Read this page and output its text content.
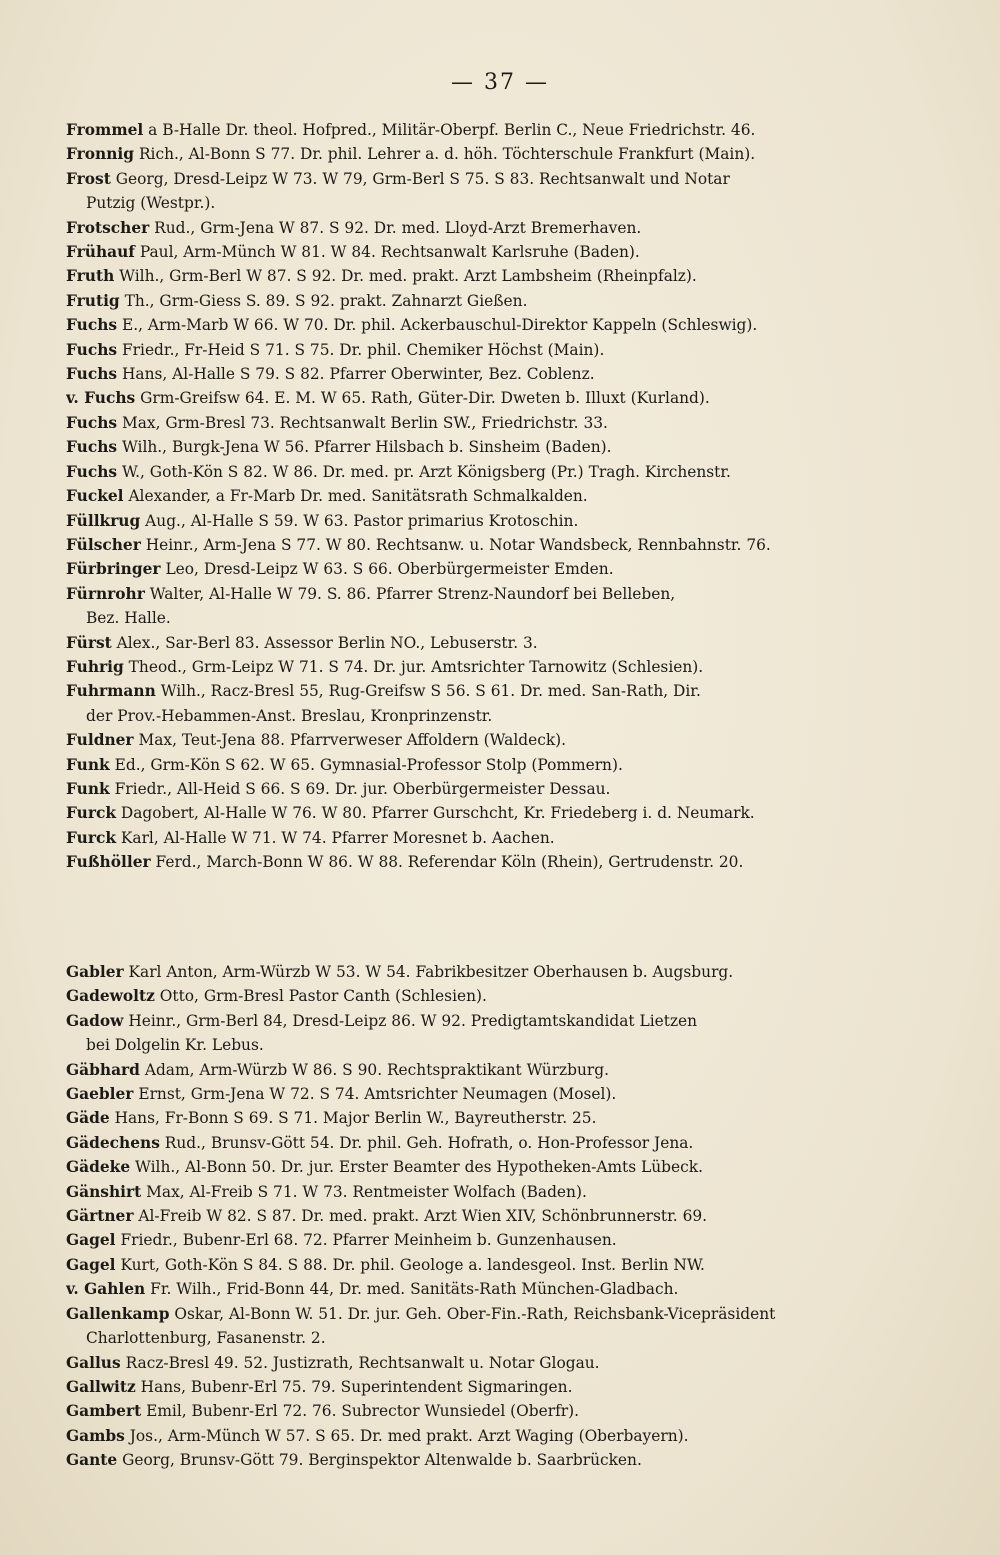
— 37 —
Frommel a B-Halle Dr. theol. Hofpred., Militär-Oberpf. Berlin C., Neue Friedrichstr. 46.
Fronnig Rich., Al-Bonn S 77. Dr. phil. Lehrer a. d. höh. Töchterschule Frankfurt (Main).
Frost Georg, Dresd-Leipz W 73. W 79, Grm-Berl S 75. S 83. Rechtsanwalt und Notar
Putzig (Westpr.).
Frotscher Rud., Grm-Jena W 87. S 92. Dr. med. Lloyd-Arzt Bremerhaven.
Frühauf Paul, Arm-Münch W 81. W 84. Rechtsanwalt Karlsruhe (Baden).
Fruth Wilh., Grm-Berl W 87. S 92. Dr. med. prakt. Arzt Lambsheim (Rheinpfalz).
Frutig Th., Grm-Giess S. 89. S 92. prakt. Zahnarzt Gießen.
Fuchs E., Arm-Marb W 66. W 70. Dr. phil. Ackerbauschul-Direktor Kappeln (Schleswig).
Fuchs Friedr., Fr-Heid S 71. S 75. Dr. phil. Chemiker Höchst (Main).
Fuchs Hans, Al-Halle S 79. S 82. Pfarrer Oberwinter, Bez. Coblenz.
v. Fuchs Grm-Greifsw 64. E. M. W 65. Rath, Güter-Dir. Dweten b. Illuxt (Kurland).
Fuchs Max, Grm-Bresl 73. Rechtsanwalt Berlin SW., Friedrichstr. 33.
Fuchs Wilh., Burgk-Jena W 56. Pfarrer Hilsbach b. Sinsheim (Baden).
Fuchs W., Goth-Kön S 82. W 86. Dr. med. pr. Arzt Königsberg (Pr.) Tragh. Kirchenstr.
Fuckel Alexander, a Fr-Marb Dr. med. Sanitätsrath Schmalkalden.
Füllkrug Aug., Al-Halle S 59. W 63. Pastor primarius Krotoschin.
Fülscher Heinr., Arm-Jena S 77. W 80. Rechtsanw. u. Notar Wandsbeck, Rennbahnstr. 76.
Fürbringer Leo, Dresd-Leipz W 63. S 66. Oberbürgermeister Emden.
Fürnrohr Walter, Al-Halle W 79. S. 86. Pfarrer Strenz-Naundorf bei Belleben,
Bez. Halle.
Fürst Alex., Sar-Berl 83. Assessor Berlin NO., Lebuserstr. 3.
Fuhrig Theod., Grm-Leipz W 71. S 74. Dr. jur. Amtsrichter Tarnowitz (Schlesien).
Fuhrmann Wilh., Racz-Bresl 55, Rug-Greifsw S 56. S 61. Dr. med. San-Rath, Dir.
der Prov.-Hebammen-Anst. Breslau, Kronprinzenstr.
Fuldner Max, Teut-Jena 88. Pfarrverweser Affoldern (Waldeck).
Funk Ed., Grm-Kön S 62. W 65. Gymnasial-Professor Stolp (Pommern).
Funk Friedr., All-Heid S 66. S 69. Dr. jur. Oberbürgermeister Dessau.
Furck Dagobert, Al-Halle W 76. W 80. Pfarrer Gurschcht, Kr. Friedeberg i. d. Neumark.
Furck Karl, Al-Halle W 71. W 74. Pfarrer Moresnet b. Aachen.
Fußhöller Ferd., March-Bonn W 86. W 88. Referendar Köln (Rhein), Gertrudenstr. 20.
Gabler Karl Anton, Arm-Würzb W 53. W 54. Fabrikbesitzer Oberhausen b. Augsburg.
Gadewoltz Otto, Grm-Bresl Pastor Canth (Schlesien).
Gadow Heinr., Grm-Berl 84, Dresd-Leipz 86. W 92. Predigtamtskandidat Lietzen
bei Dolgelin Kr. Lebus.
Gäbhard Adam, Arm-Würzb W 86. S 90. Rechtspraktikant Würzburg.
Gaebler Ernst, Grm-Jena W 72. S 74. Amtsrichter Neumagen (Mosel).
Gäde Hans, Fr-Bonn S 69. S 71. Major Berlin W., Bayreutherstr. 25.
Gädechens Rud., Brunsv-Gött 54. Dr. phil. Geh. Hofrath, o. Hon-Professor Jena.
Gädeke Wilh., Al-Bonn 50. Dr. jur. Erster Beamter des Hypotheken-Amts Lübeck.
Gänshirt Max, Al-Freib S 71. W 73. Rentmeister Wolfach (Baden).
Gärtner Al-Freib W 82. S 87. Dr. med. prakt. Arzt Wien XIV, Schönbrunnerstr. 69.
Gagel Friedr., Bubenr-Erl 68. 72. Pfarrer Meinheim b. Gunzenhausen.
Gagel Kurt, Goth-Kön S 84. S 88. Dr. phil. Geologe a. landesgeol. Inst. Berlin NW.
v. Gahlen Fr. Wilh., Frid-Bonn 44, Dr. med. Sanitäts-Rath München-Gladbach.
Gallenkamp Oskar, Al-Bonn W. 51. Dr. jur. Geh. Ober-Fin.-Rath, Reichsbank-Vicepräsident
Charlottenburg, Fasanenstr. 2.
Gallus Racz-Bresl 49. 52. Justizrath, Rechtsanwalt u. Notar Glogau.
Gallwitz Hans, Bubenr-Erl 75. 79. Superintendent Sigmaringen.
Gambert Emil, Bubenr-Erl 72. 76. Subrector Wunsiedel (Oberfr).
Gambs Jos., Arm-Münch W 57. S 65. Dr. med prakt. Arzt Waging (Oberbayern).
Gante Georg, Brunsv-Gött 79. Berginspektor Altenwalde b. Saarbrücken.
